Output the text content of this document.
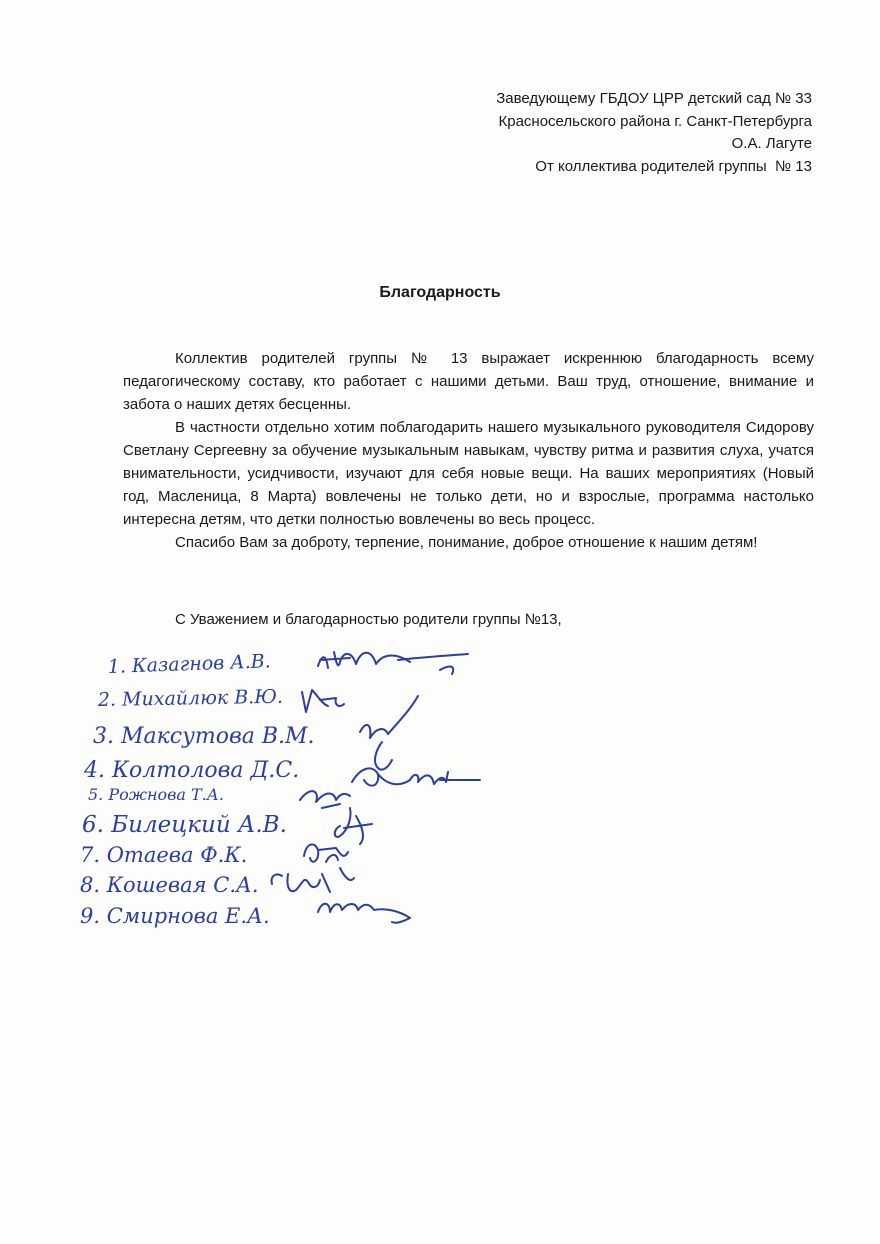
Заведующему ГБДОУ ЦРР детский сад № 33
Красносельского района г. Санкт-Петербурга
О.А. Лагуте
От коллектива родителей группы  № 13
Благодарность

Коллектив родителей группы № 13 выражает искреннюю благодарность всему педагогическому составу, кто работает с нашими детьми. Ваш труд, отношение, внимание и забота о наших детях бесценны.

В частности отдельно хотим поблагодарить нашего музыкального руководителя Сидорову Светлану Сергеевну за обучение музыкальным навыкам, чувству ритма и развития слуха, учатся внимательности, усидчивости, изучают для себя новые вещи. На ваших мероприятиях (Новый год, Масленица, 8 Марта) вовлечены не только дети, но и взрослые, программа настолько интересна детям, что детки полностью вовлечены во весь процесс.

Спасибо Вам за доброту, терпение, понимание, доброе отношение к нашим детям!

С Уважением и благодарностью родители группы №13,
1. Казагнов А.В.
2. Михайлюк В.Ю.
3. Максутова В.М.
4. Колтолова Д.С.
5. Рожнова Т.А.
6. Билецкий А.В.
7. Отаева Ф.К.
8. Кошевая С.А.
9. Смирнова Е.А.
